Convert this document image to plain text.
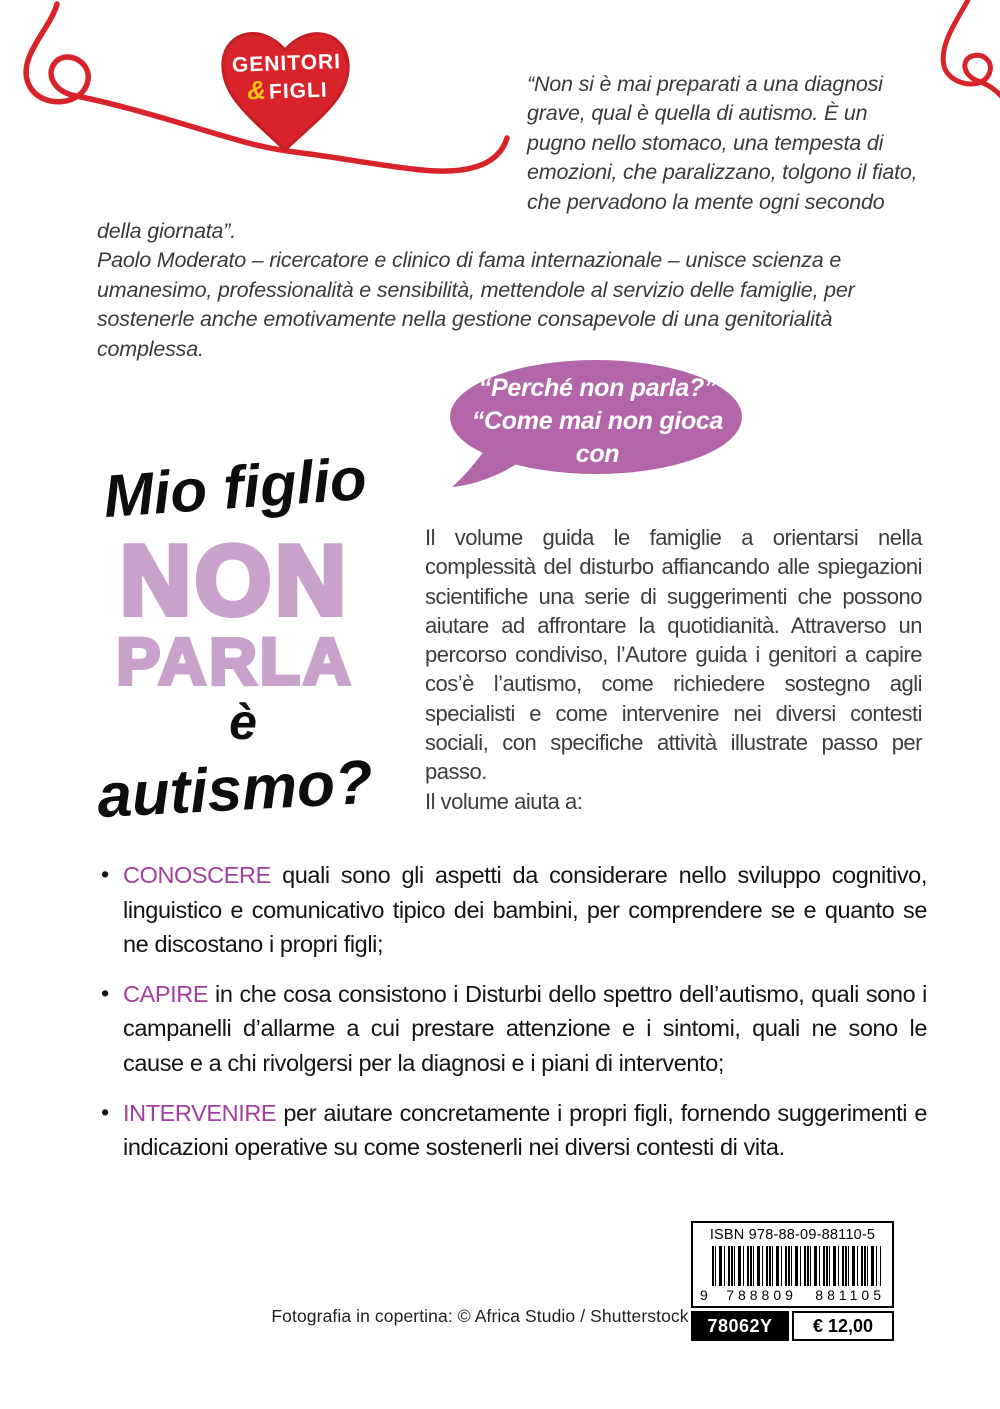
GENITORI
&FIGLI	“Non si è mai preparati a una diagnosi grave, qual è quella di autismo. È un pugno nello stomaco, una tempesta di emozioni, che paralizzano, tolgono il fiato, che pervadono la mente ogni secondo della giornata”.

Paolo Moderato – ricercatore e clinico di fama internazionale – unisce scienza e umanesimo, professionalità e sensibilità, mettendole al servizio delle famiglie, per sostenerle anche emotivamente nella gestione consapevole di una genitorialità complessa.

“Perché non parla?”
“Come mai non gioca con
i coetanei?”
Mio figlio
NON
PARLA
è
autismo?

Il volume guida le famiglie a orientarsi nella complessità del disturbo affiancando alle spiegazioni scientifiche una serie di suggerimenti che possono aiutare ad affrontare la quotidianità. Attraverso un percorso condiviso, l’Autore guida i genitori a capire cos’è l’autismo, come richiedere sostegno agli specialisti e come intervenire nei diversi contesti sociali, con specifiche attività illustrate passo per passo.

Il volume aiuta a:

• CONOSCERE quali sono gli aspetti da considerare nello sviluppo cognitivo, linguistico e comunicativo tipico dei bambini, per comprendere se e quanto se ne discostano i propri figli;
• CAPIRE in che cosa consistono i Disturbi dello spettro dell’autismo, quali sono i campanelli d’allarme a cui prestare attenzione e i sintomi, quali ne sono le cause e a chi rivolgersi per la diagnosi e i piani di intervento;
• INTERVENIRE per aiutare concretamente i propri figli, fornendo suggerimenti e indicazioni operative su come sostenerli nei diversi contesti di vita.
ISBN 978-88-09-88110-5
9 788809 881105
78062Y	€ 12,00
Fotografia in copertina: © Africa Studio / Shutterstock
